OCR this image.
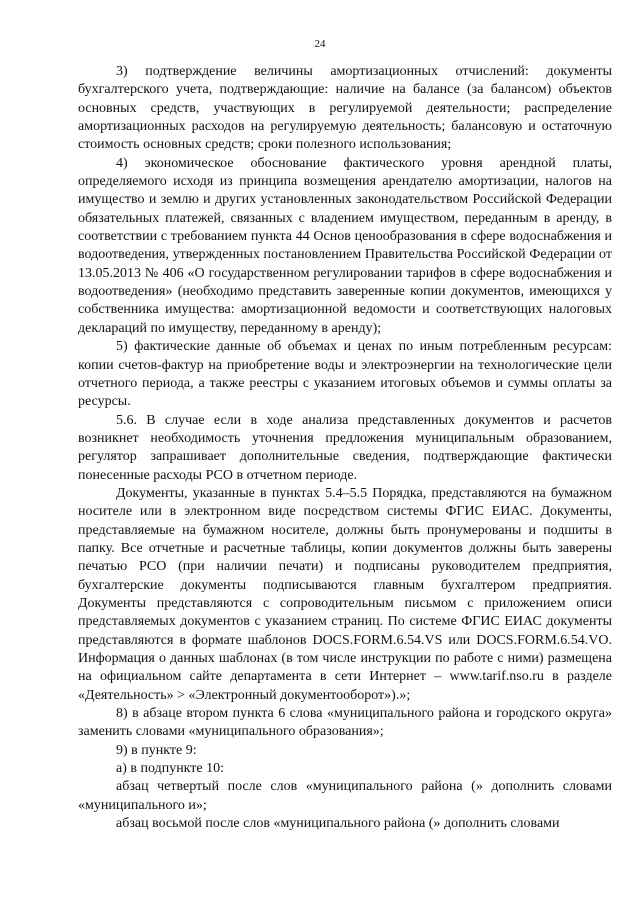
24

3) подтверждение величины амортизационных отчислений: документы бухгалтерского учета, подтверждающие: наличие на балансе (за балансом) объектов основных средств, участвующих в регулируемой деятельности; распределение амортизационных расходов на регулируемую деятельность; балансовую и остаточную стоимость основных средств; сроки полезного использования;

4) экономическое обоснование фактического уровня арендной платы, определяемого исходя из принципа возмещения арендателю амортизации, налогов на имущество и землю и других установленных законодательством Российской Федерации обязательных платежей, связанных с владением имуществом, переданным в аренду, в соответствии с требованием пункта 44 Основ ценообразования в сфере водоснабжения и водоотведения, утвержденных постановлением Правительства Российской Федерации от 13.05.2013 № 406 «О государственном регулировании тарифов в сфере водоснабжения и водоотведения» (необходимо представить заверенные копии документов, имеющихся у собственника имущества: амортизационной ведомости и соответствующих налоговых деклараций по имуществу, переданному в аренду);

5) фактические данные об объемах и ценах по иным потребленным ресурсам: копии счетов-фактур на приобретение воды и электроэнергии на технологические цели отчетного периода, а также реестры с указанием итоговых объемов и суммы оплаты за ресурсы.

5.6. В случае если в ходе анализа представленных документов и расчетов возникнет необходимость уточнения предложения муниципальным образованием, регулятор запрашивает дополнительные сведения, подтверждающие фактически понесенные расходы РСО в отчетном периоде.

Документы, указанные в пунктах 5.4–5.5 Порядка, представляются на бумажном носителе или в электронном виде посредством системы ФГИС ЕИАС. Документы, представляемые на бумажном носителе, должны быть пронумерованы и подшиты в папку. Все отчетные и расчетные таблицы, копии документов должны быть заверены печатью РСО (при наличии печати) и подписаны руководителем предприятия, бухгалтерские документы подписываются главным бухгалтером предприятия. Документы представляются с сопроводительным письмом с приложением описи представляемых документов с указанием страниц. По системе ФГИС ЕИАС документы представляются в формате шаблонов DOCS.FORM.6.54.VS или DOCS.FORM.6.54.VO. Информация о данных шаблонах (в том числе инструкции по работе с ними) размещена на официальном сайте департамента в сети Интернет – www.tarif.nso.ru в разделе «Деятельность» > «Электронный документооборот»).»;

8) в абзаце втором пункта 6 слова «муниципального района и городского округа» заменить словами «муниципального образования»;

9) в пункте 9:

а) в подпункте 10:

абзац четвертый после слов «муниципального района (» дополнить словами «муниципального и»;

абзац восьмой после слов «муниципального района (» дополнить словами
